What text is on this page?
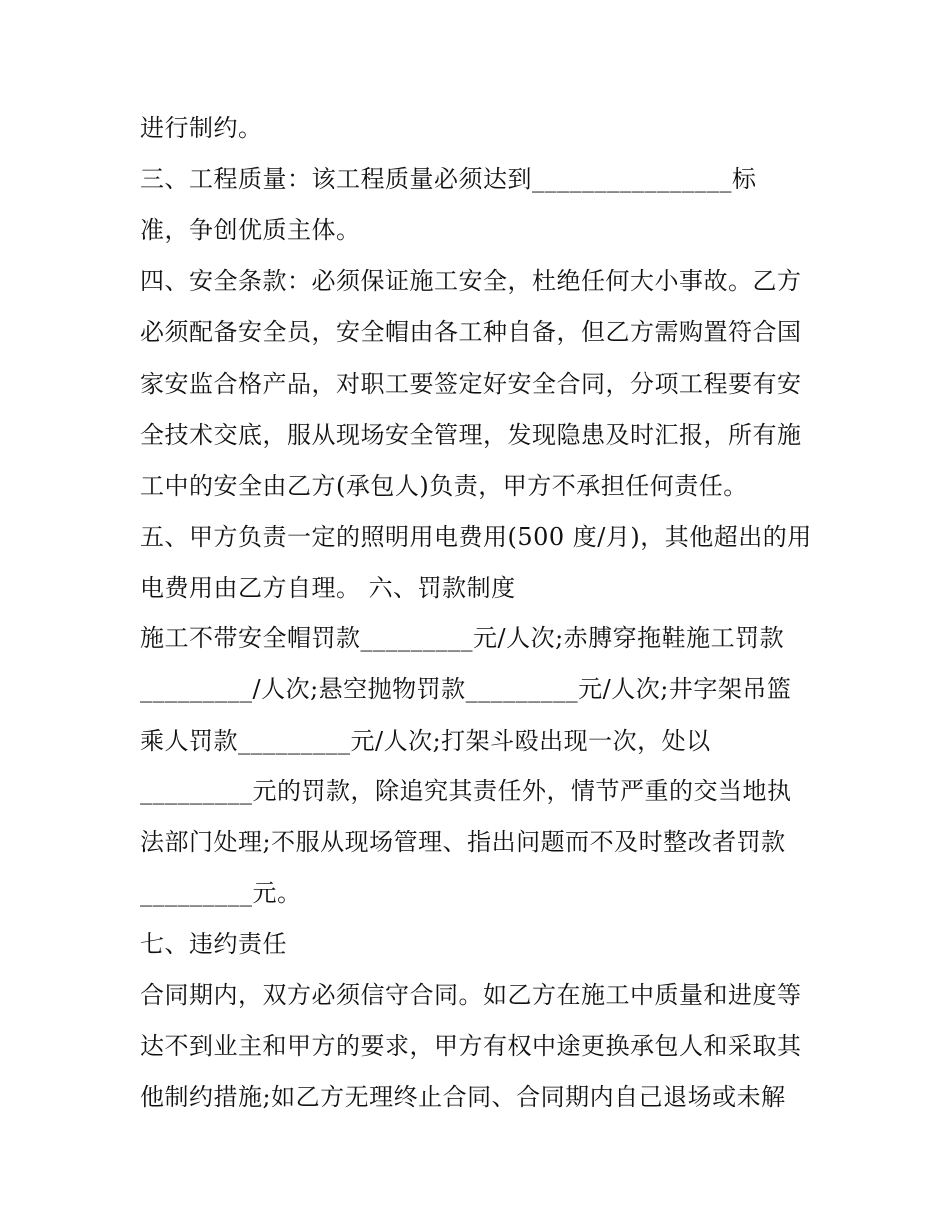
进行制约。
三、工程质量：该工程质量必须达到________________标
准，争创优质主体。
四、安全条款：必须保证施工安全，杜绝任何大小事故。乙方
必须配备安全员，安全帽由各工种自备，但乙方需购置符合国
家安监合格产品，对职工要签定好安全合同，分项工程要有安
全技术交底，服从现场安全管理，发现隐患及时汇报，所有施
工中的安全由乙方(承包人)负责，甲方不承担任何责任。
五、甲方负责一定的照明用电费用(500 度/月)，其他超出的用
电费用由乙方自理。 六、罚款制度
施工不带安全帽罚款_________元/人次;赤膊穿拖鞋施工罚款
_________/人次;悬空抛物罚款_________元/人次;井字架吊篮
乘人罚款_________元/人次;打架斗殴出现一次，处以
_________元的罚款，除追究其责任外，情节严重的交当地执
法部门处理;不服从现场管理、指出问题而不及时整改者罚款
_________元。
七、违约责任
合同期内，双方必须信守合同。如乙方在施工中质量和进度等
达不到业主和甲方的要求，甲方有权中途更换承包人和采取其
他制约措施;如乙方无理终止合同、合同期内自己退场或未解
